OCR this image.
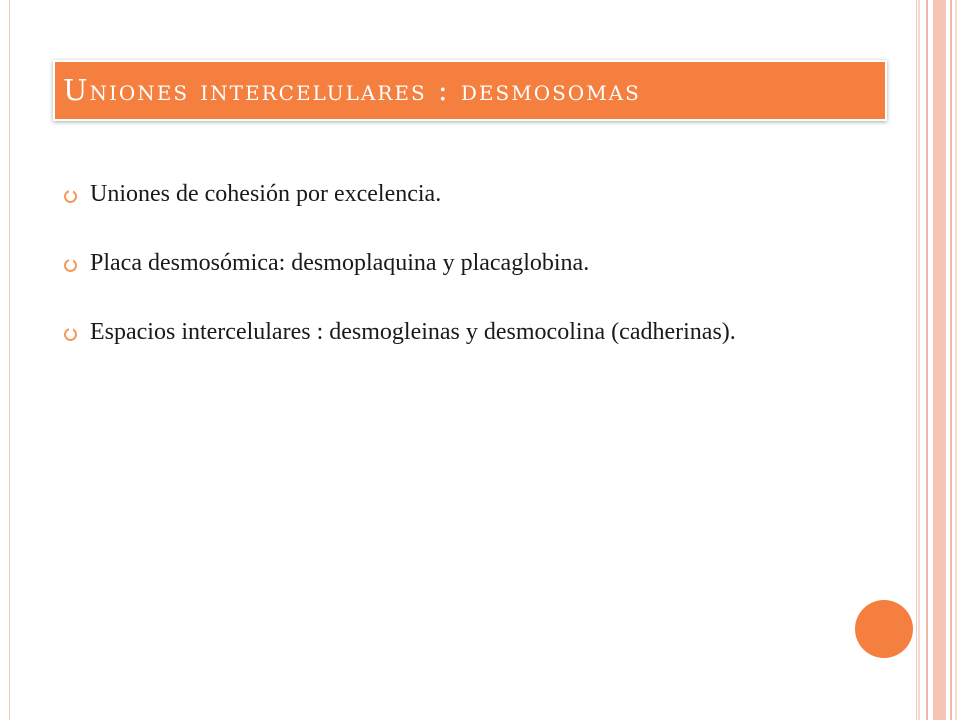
Uniones intercelulares : desmosomas
Uniones de cohesión por excelencia.
Placa desmosómica: desmoplaquina y placaglobina.
Espacios intercelulares : desmogleinas y desmocolina (cadherinas).
